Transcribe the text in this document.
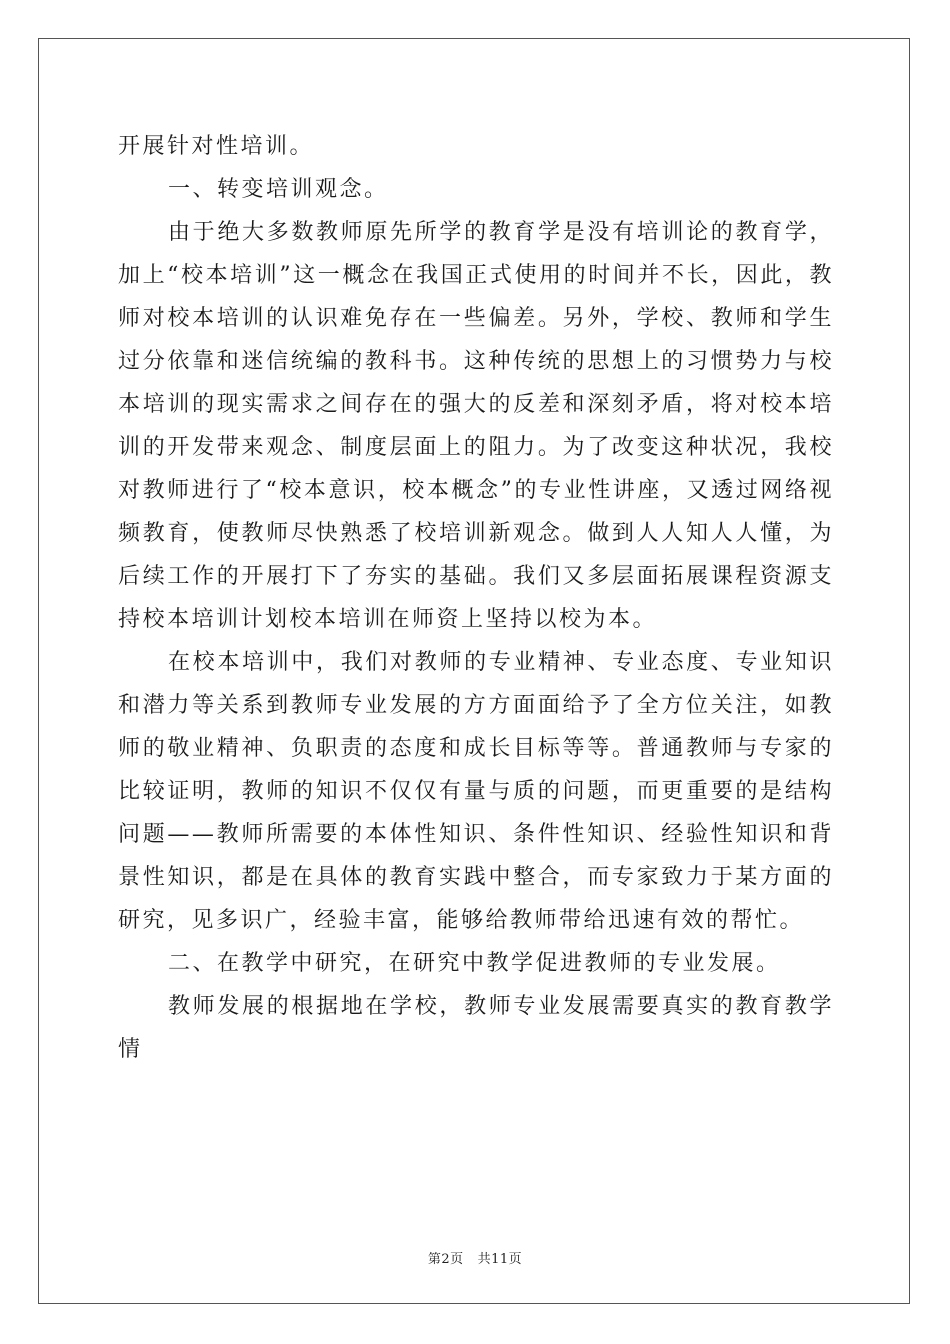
开展针对性培训。

一、转变培训观念。

由于绝大多数教师原先所学的教育学是没有培训论的教育学，加上“校本培训”这一概念在我国正式使用的时间并不长，因此，教师对校本培训的认识难免存在一些偏差。另外，学校、教师和学生过分依靠和迷信统编的教科书。这种传统的思想上的习惯势力与校本培训的现实需求之间存在的强大的反差和深刻矛盾，将对校本培训的开发带来观念、制度层面上的阻力。为了改变这种状况，我校对教师进行了“校本意识，校本概念”的专业性讲座，又透过网络视频教育，使教师尽快熟悉了校培训新观念。做到人人知人人懂，为后续工作的开展打下了夯实的基础。我们又多层面拓展课程资源支持校本培训计划校本培训在师资上坚持以校为本。

在校本培训中，我们对教师的专业精神、专业态度、专业知识和潜力等关系到教师专业发展的方方面面给予了全方位关注，如教师的敬业精神、负职责的态度和成长目标等等。普通教师与专家的比较证明，教师的知识不仅仅有量与质的问题，而更重要的是结构问题——教师所需要的本体性知识、条件性知识、经验性知识和背景性知识，都是在具体的教育实践中整合，而专家致力于某方面的研究，见多识广，经验丰富，能够给教师带给迅速有效的帮忙。

二、在教学中研究，在研究中教学促进教师的专业发展。

教师发展的根据地在学校，教师专业发展需要真实的教育教学情

第2页 共11页
